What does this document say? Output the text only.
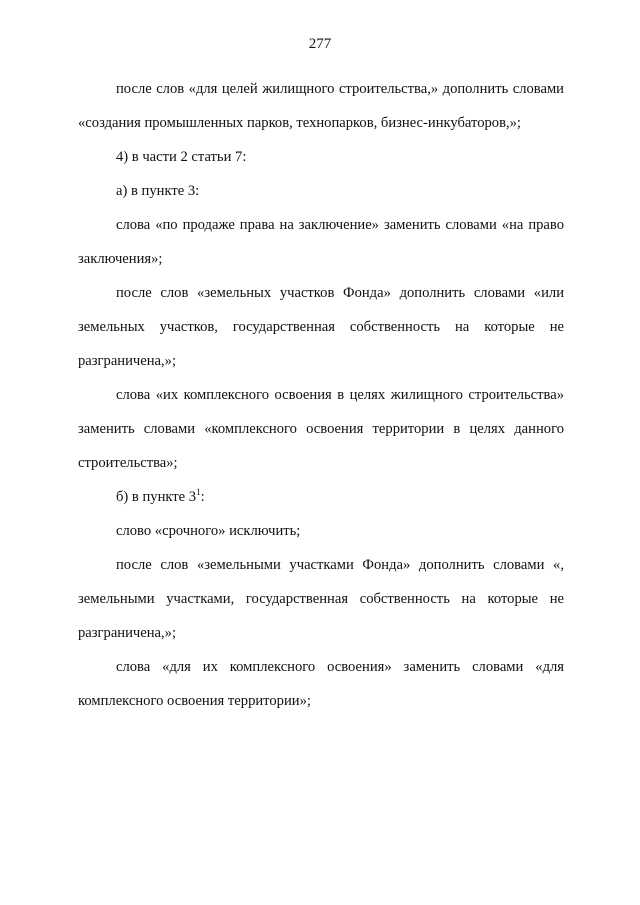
277

после слов «для целей жилищного строительства,» дополнить словами «создания промышленных парков, технопарков, бизнес-инкубаторов,»;

4) в части 2 статьи 7:

а) в пункте 3:

слова «по продаже права на заключение» заменить словами «на право заключения»;

после слов «земельных участков Фонда» дополнить словами «или земельных участков, государственная собственность на которые не разграничена,»;

слова «их комплексного освоения в целях жилищного строительства» заменить словами «комплексного освоения территории в целях данного строительства»;

б) в пункте $3^1$:

слово «срочного» исключить;

после слов «земельными участками Фонда» дополнить словами «, земельными участками, государственная собственность на которые не разграничена,»;

слова «для их комплексного освоения» заменить словами «для комплексного освоения территории»;
